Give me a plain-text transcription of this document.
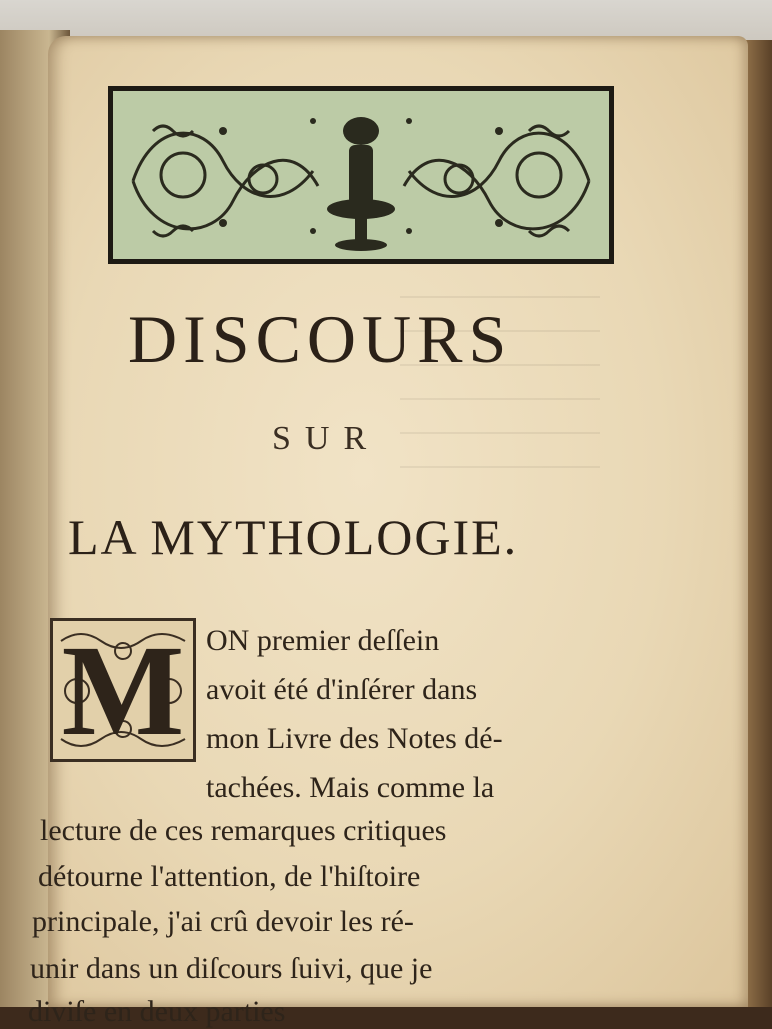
DISCOURS
SUR
LA MYTHOLOGIE.
M ON premier deſſein
avoit été d'inſérer dans
mon Livre des Notes dé-
tachées. Mais comme la
lecture de ces remarques critiques
détourne l'attention, de l'hiſtoire
principale, j'ai crû devoir les ré-
unir dans un diſcours ſuivi, que je
diviſe en deux parties
